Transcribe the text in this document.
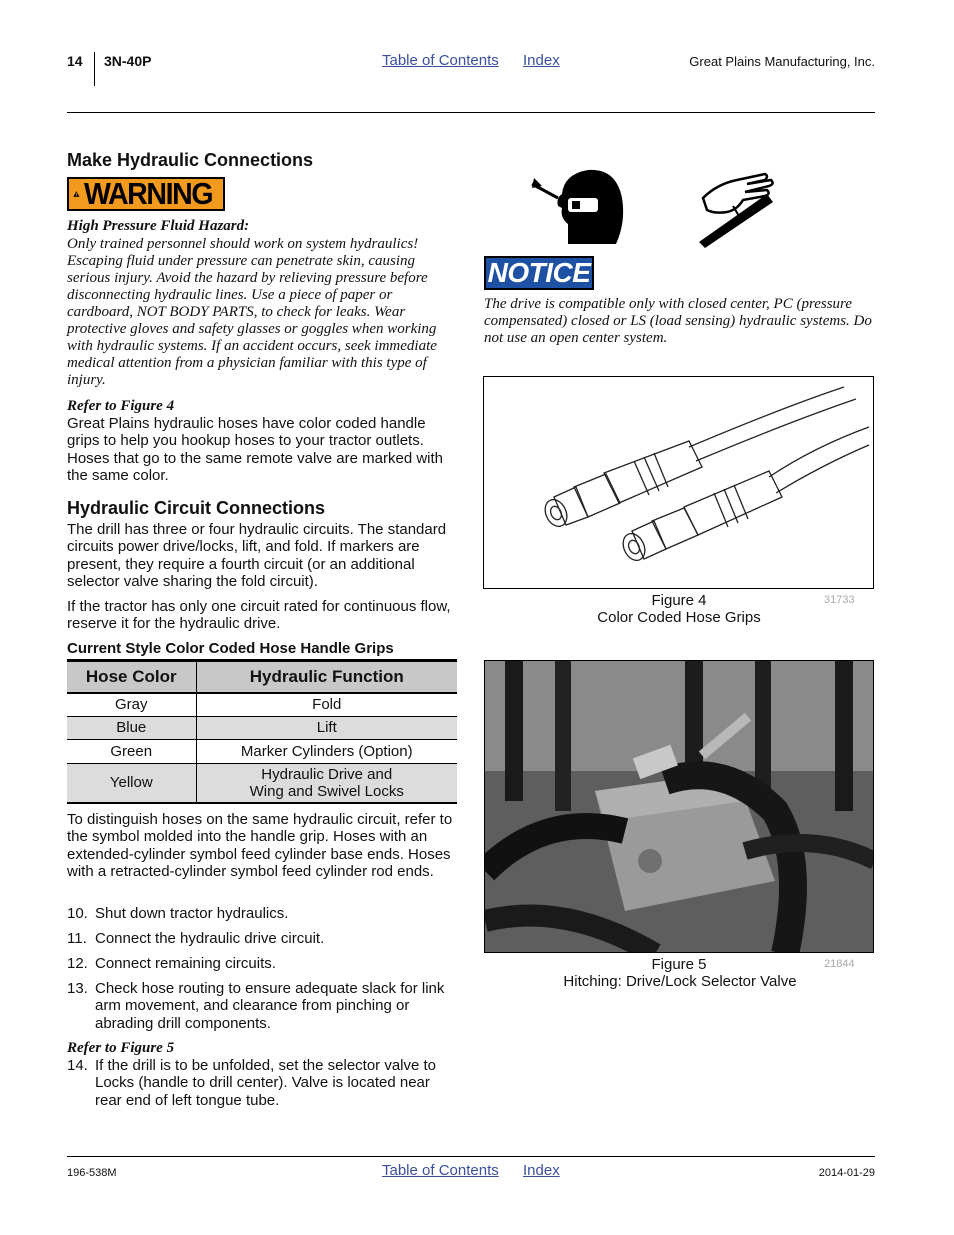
14 3N-40P	Table of Contents Index	Great Plains Manufacturing, Inc.
Make Hydraulic Connections
WARNING
High Pressure Fluid Hazard:
Only trained personnel should work on system hydraulics! Escaping fluid under pressure can penetrate skin, causing serious injury. Avoid the hazard by relieving pressure before disconnecting hydraulic lines. Use a piece of paper or cardboard, NOT BODY PARTS, to check for leaks. Wear protective gloves and safety glasses or goggles when working with hydraulic systems. If an accident occurs, seek immediate medical attention from a physician familiar with this type of injury.
Refer to Figure 4
Great Plains hydraulic hoses have color coded handle grips to help you hookup hoses to your tractor outlets. Hoses that go to the same remote valve are marked with the same color.
Hydraulic Circuit Connections
The drill has three or four hydraulic circuits. The standard circuits power drive/locks, lift, and fold. If markers are present, they require a fourth circuit (or an additional selector valve sharing the fold circuit).
If the tractor has only one circuit rated for continuous flow, reserve it for the hydraulic drive.
Current Style Color Coded Hose Handle Grips
Hose Color	Hydraulic Function
Gray	Fold
Blue	Lift
Green	Marker Cylinders (Option)
Yellow	Hydraulic Drive and
Wing and Swivel Locks
To distinguish hoses on the same hydraulic circuit, refer to the symbol molded into the handle grip. Hoses with an extended-cylinder symbol feed cylinder base ends. Hoses with a retracted-cylinder symbol feed cylinder rod ends.
10. Shut down tractor hydraulics.
11. Connect the hydraulic drive circuit.
12. Connect remaining circuits.
13. Check hose routing to ensure adequate slack for link arm movement, and clearance from pinching or abrading drill components.
Refer to Figure 5
14. If the drill is to be unfolded, set the selector valve to Locks (handle to drill center). Valve is located near rear end of left tongue tube.
NOTICE
The drive is compatible only with closed center, PC (pressure compensated) closed or LS (load sensing) hydraulic systems. Do not use an open center system.
Figure 4
Color Coded Hose Grips
31733
Figure 5
Hitching: Drive/Lock Selector Valve
21844
196-538M	Table of Contents Index	2014-01-29
